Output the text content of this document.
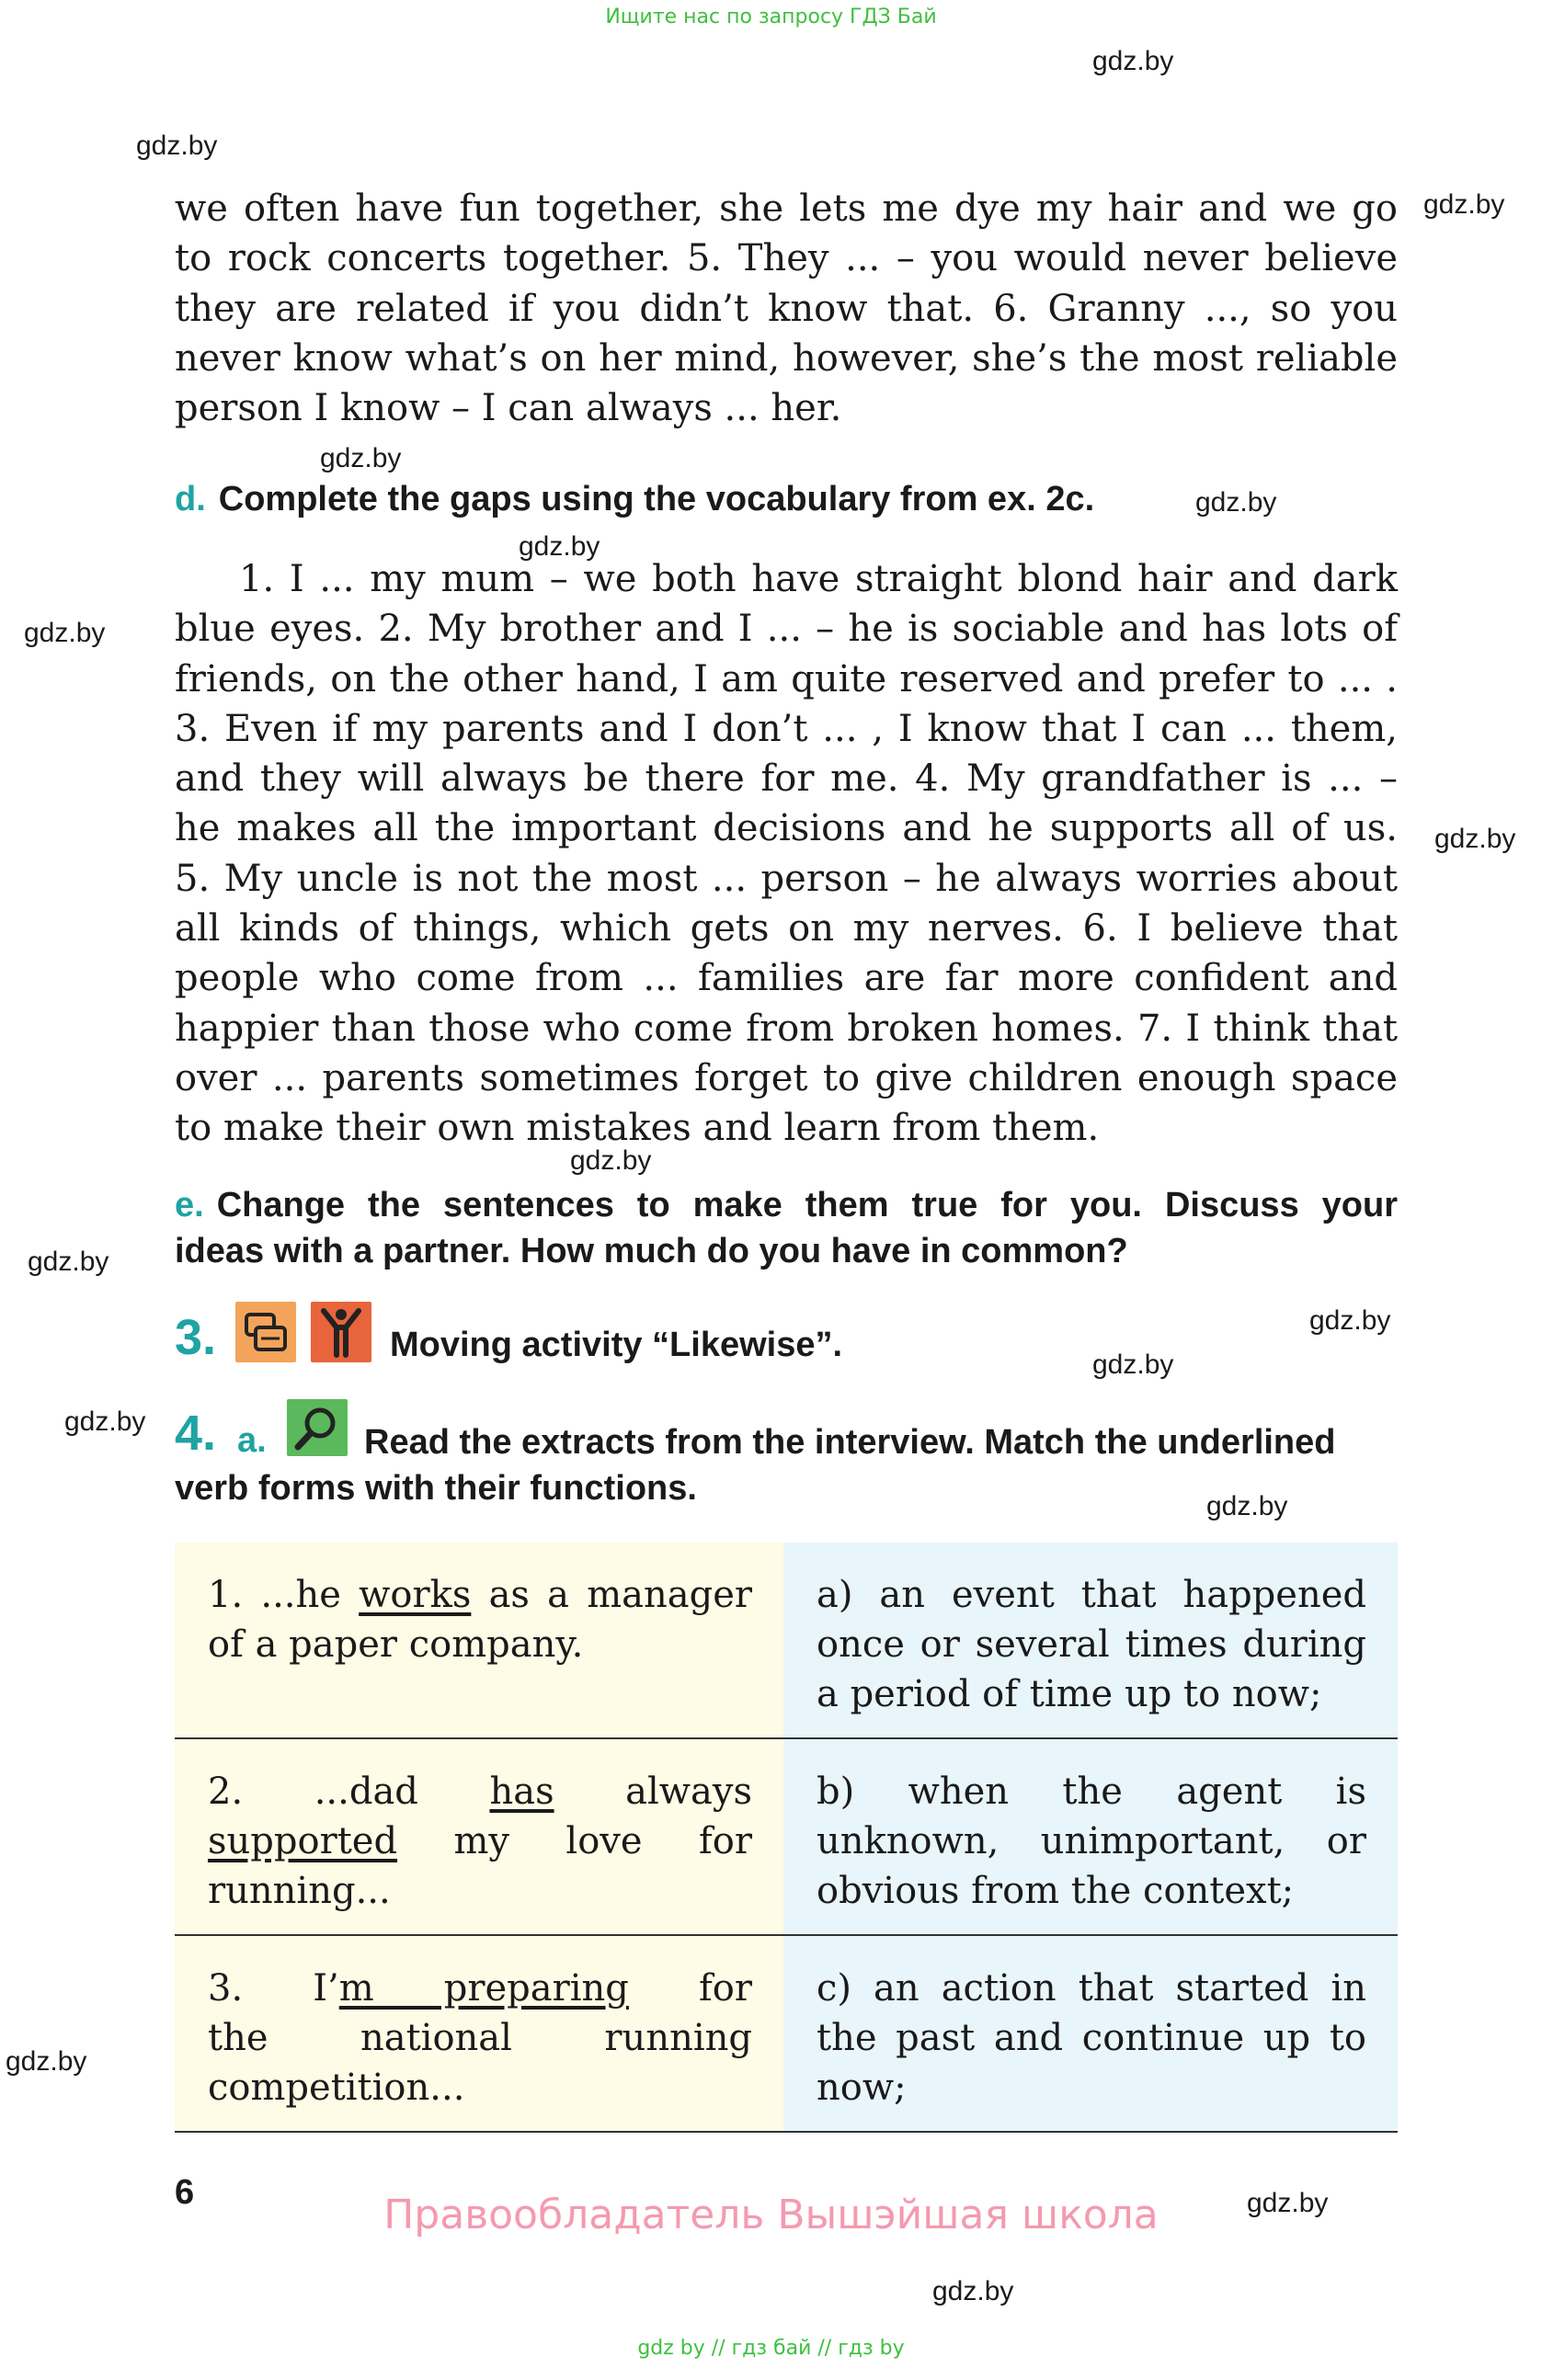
Ищите нас по запросу ГДЗ Бай
gdz.by
gdz.by
gdz.by
gdz.by
gdz.by
gdz.by
gdz.by
gdz.by
gdz.by
gdz.by
gdz.by
gdz.by
gdz.by
gdz.by
gdz.by
gdz.by
gdz.by
we often have fun together, she lets me dye my hair and we go
to rock concerts together. 5. They ... – you would never believe
they are related if you didn’t know that. 6. Granny ..., so you
never know what’s on her mind, however, she’s the most reliable
person I know – I can always ... her.
d. Complete the gaps using the vocabulary from ex. 2c.
1. I ... my mum – we both have straight blond hair and dark
blue eyes. 2. My brother and I ... – he is sociable and has lots of
friends, on the other hand, I am quite reserved and prefer to ... .
3. Even if my parents and I don’t ... , I know that I can ... them,
and they will always be there for me. 4. My grandfather is ... –
he makes all the important decisions and he supports all of us.
5. My uncle is not the most ... person – he always worries about
all kinds of things, which gets on my nerves. 6. I believe that
people who come from ... families are far more confident and
happier than those who come from broken homes. 7. I think that
over ... parents sometimes forget to give children enough space
to make their own mistakes and learn from them.
e. Change the sentences to make them true for you. Discuss your
ideas with a partner. How much do you have in common?
3.	Moving activity “Likewise”.
4. a.	Read the extracts from the interview. Match the underlined
verb forms with their functions.
1. ...he works as a manager
of a paper company.
a) an event that happened
once or several times during
a period of time up to now;
2. ...dad has always
supported my love for
running...
b) when the agent is
unknown, unimportant, or
obvious from the context;
3. I’m preparing for
the national running
competition...
c) an action that started in
the past and continue up to
now;
6	Правообладатель Вышэйшая школа
gdz by // гдз бай // гдз by
